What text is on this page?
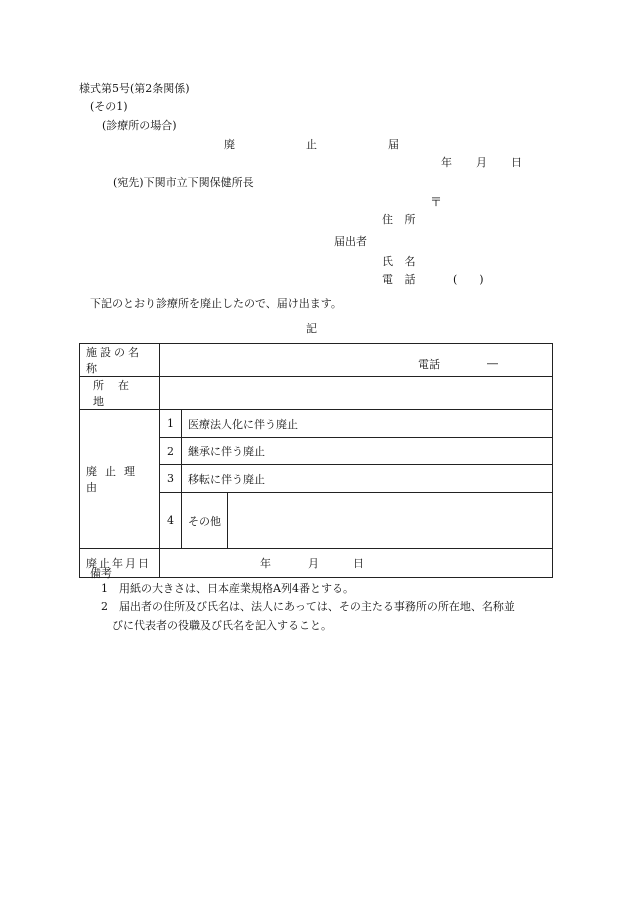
様式第5号(第2条関係)
(その1)
(診療所の場合)
廃	止	届
年 月 日
(宛先)下関市立下関保健所長
〒
住 所
届出者
氏 名
電 話	(　　)
下記のとおり診療所を廃止したので、届け出ます。
記
施設の名称	電話 ―		

所在地			

廃止理由	1	医療法人化に伴う廃止	
	2	継承に伴う廃止	
	3	移転に伴う廃止	
	4	その他	

廃止年月日	年 月 日		
備考
1　用紙の大きさは、日本産業規格A列4番とする。
2　届出者の住所及び氏名は、法人にあっては、その主たる事務所の所在地、名称並
びに代表者の役職及び氏名を記入すること。
